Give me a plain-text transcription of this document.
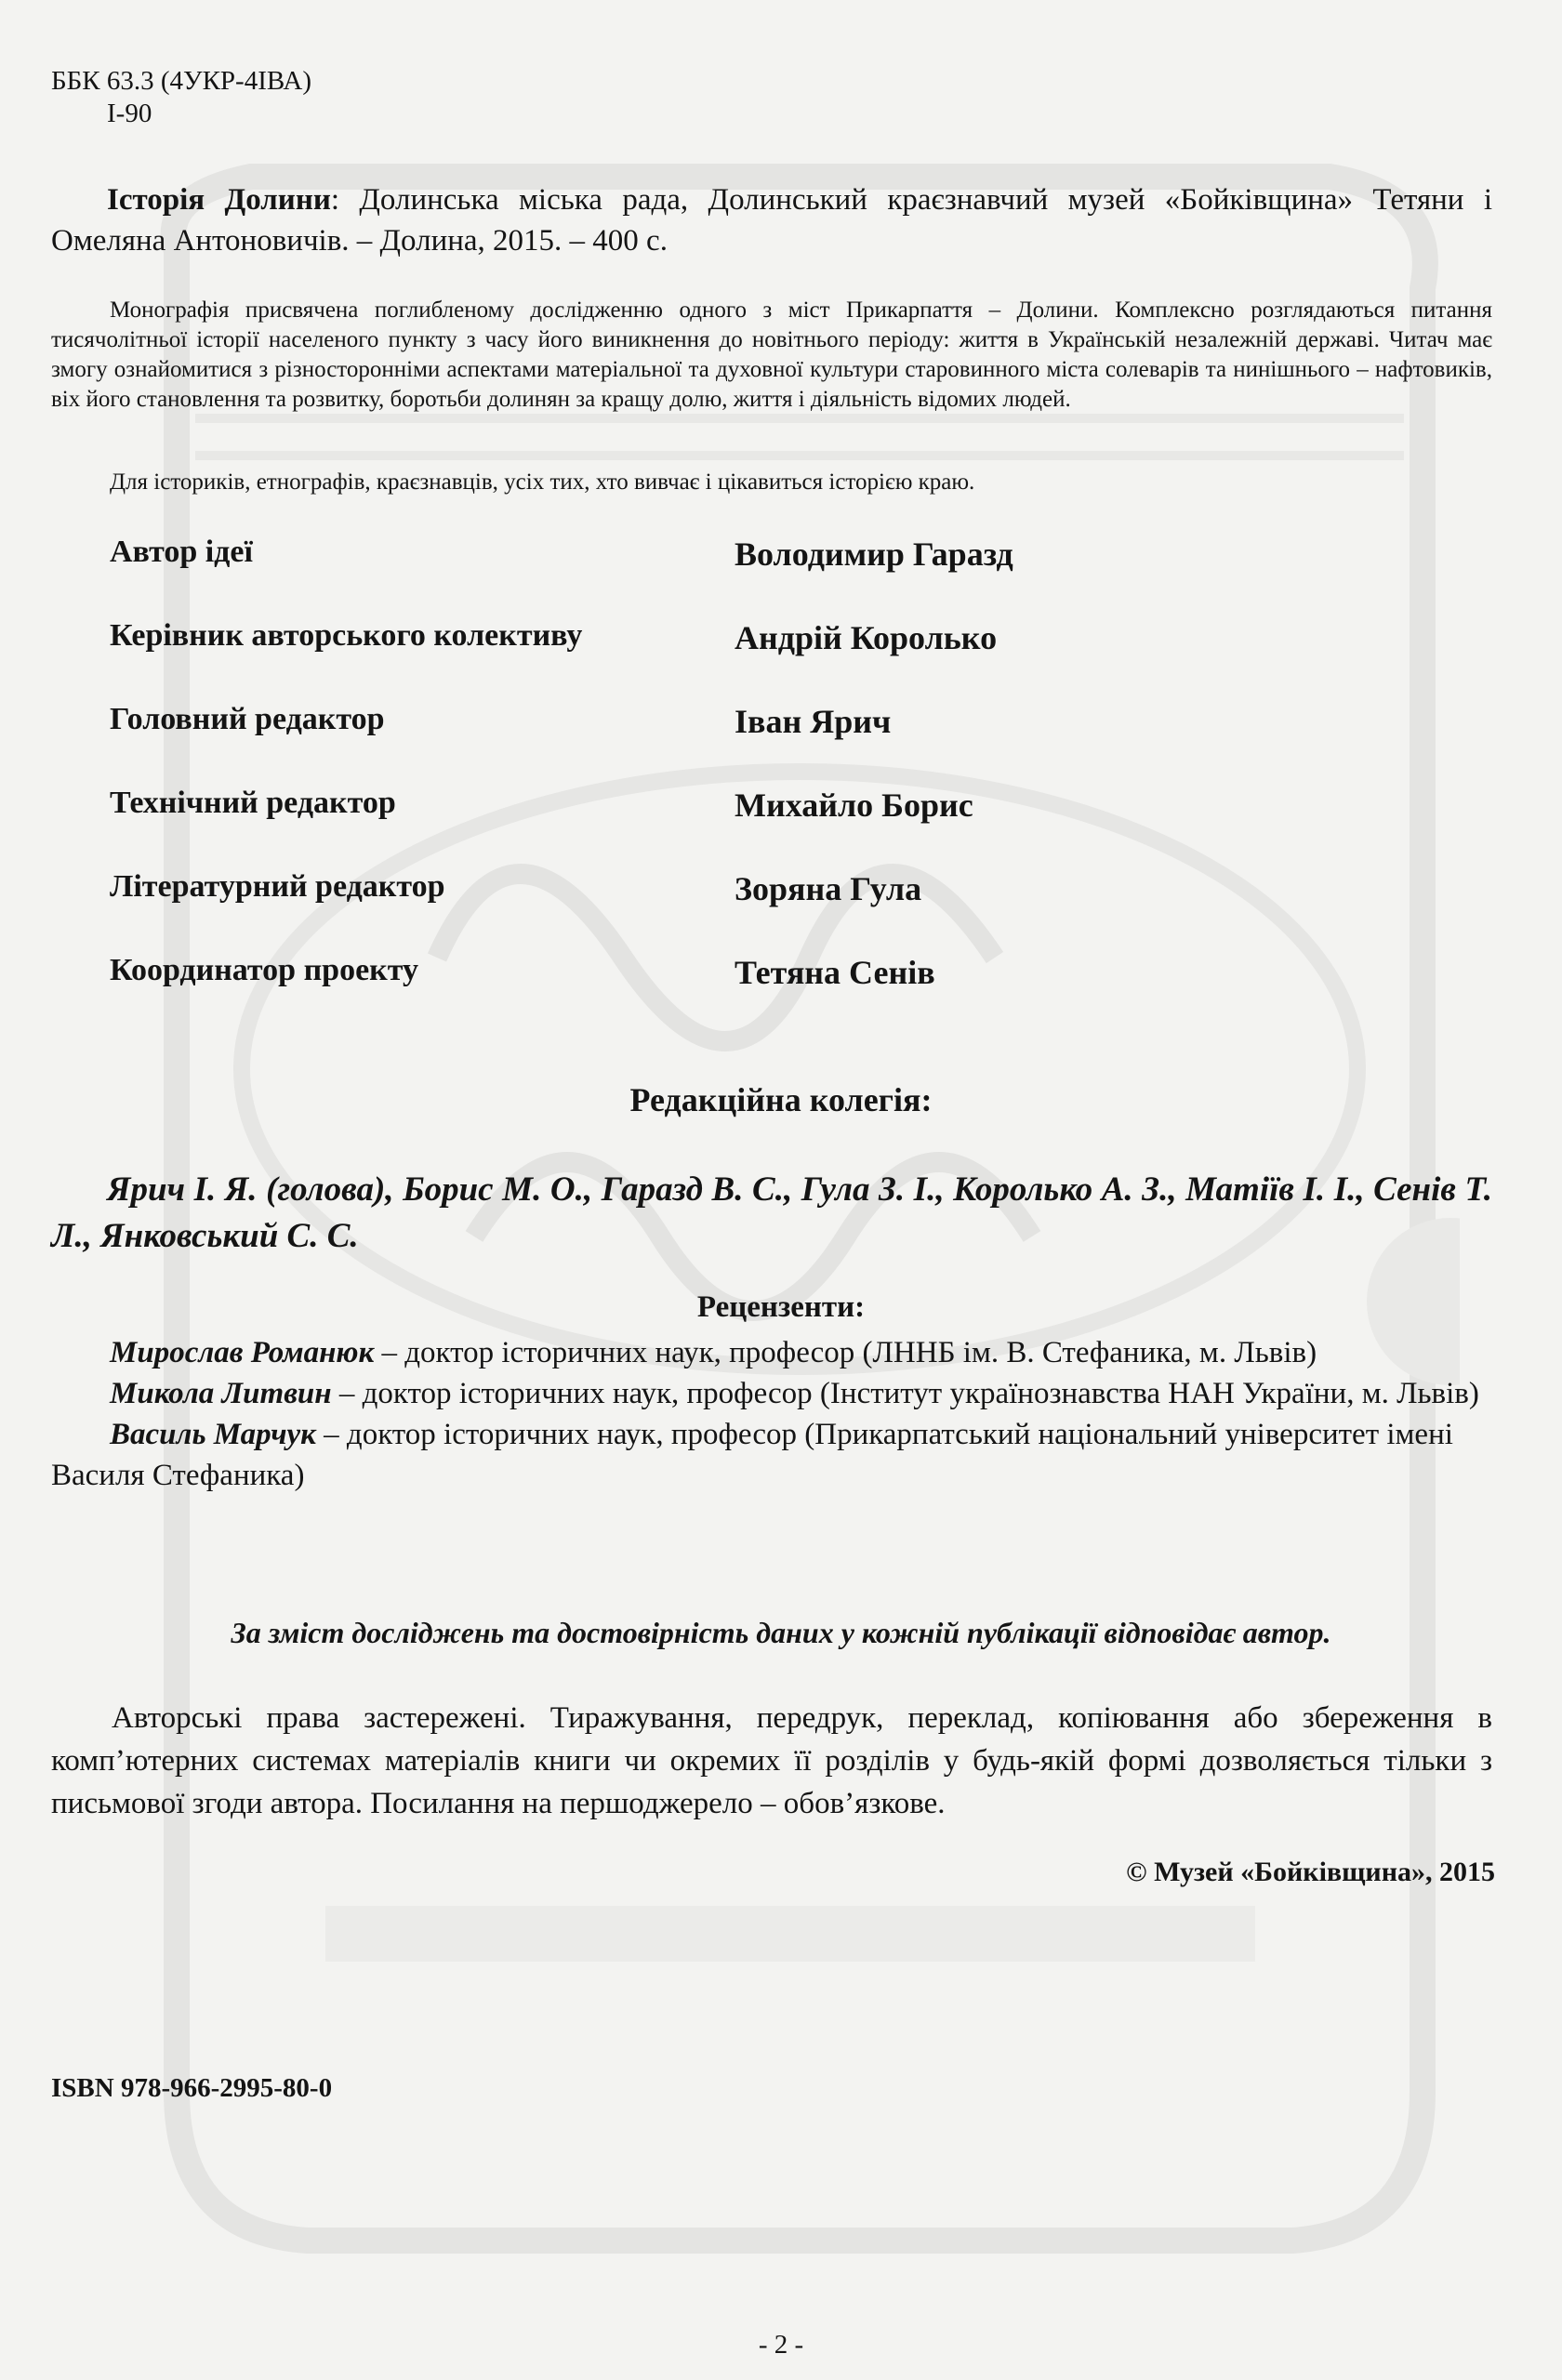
ББК 63.3 (4УКР-4ІВА)
І-90
Історія Долини: Долинська міська рада, Долинський краєзнавчий музей «Бойківщина» Тетяни і Омеляна Антоновичів. – Долина, 2015. – 400 с.
Монографія присвячена поглибленому дослідженню одного з міст Прикарпаття – Долини. Комплексно розглядаються питання тисячолітньої історії населеного пункту з часу його виникнення до новітнього періоду: життя в Українській незалежній державі. Читач має змогу ознайомитися з різносторонніми аспектами матеріальної та духовної культури старовинного міста солеварів та нинішнього – нафтовиків, віх його становлення та розвитку, боротьби долинян за кращу долю, життя і діяльність відомих людей.
Для істориків, етнографів, краєзнавців, усіх тих, хто вивчає і цікавиться історією краю.
Автор ідеї	Володимир Гаразд
Керівник авторського колективу	Андрій Королько
Головний редактор	Іван Ярич
Технічний редактор	Михайло Борис
Літературний редактор	Зоряна Гула
Координатор проекту	Тетяна Сенів
Редакційна колегія:
Ярич І. Я. (голова), Борис М. О., Гаразд В. С., Гула З. І., Королько А. З., Матіїв І. І., Сенів Т. Л., Янковський С. С.
Рецензенти:

Мирослав Романюк – доктор історичних наук, професор (ЛННБ ім. В. Стефаника, м. Львів)

Микола Литвин – доктор історичних наук, професор (Інститут українознавства НАН України, м. Львів)

Василь Марчук – доктор історичних наук, професор (Прикарпатський національний університет імені Василя Стефаника)

За зміст досліджень та достовірність даних у кожній публікації відповідає автор.
Авторські права застережені. Тиражування, передрук, переклад, копіювання або збереження в комп’ютерних системах матеріалів книги чи окремих її розділів у будь-якій формі дозволяється тільки з письмової згоди автора. Посилання на першоджерело – обов’язкове.
© Музей «Бойківщина», 2015
ISBN 978-966-2995-80-0
- 2 -
